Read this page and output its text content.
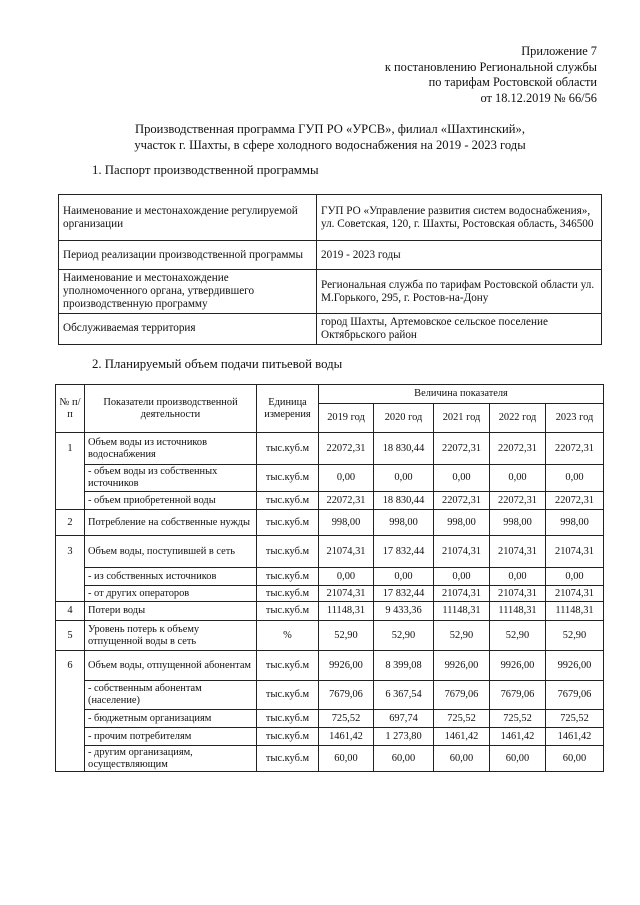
Приложение 7
к постановлению Региональной службы
по тарифам Ростовской области
от 18.12.2019 № 66/56
Производственная программа ГУП РО «УРСВ», филиал «Шахтинский»,
участок г. Шахты, в сфере холодного водоснабжения на 2019 - 2023 годы
1. Паспорт производственной программы
Наименование и местонахождение регулируемой организации	ГУП РО «Управление развития систем водоснабжения», ул. Советская, 120, г. Шахты, Ростовская область, 346500
Период реализации производственной программы	2019 - 2023 годы
Наименование и местонахождение уполномоченного органа, утвердившего производственную программу	Региональная служба по тарифам Ростовской области ул. М.Горького, 295, г. Ростов-на-Дону
Обслуживаемая территория	город Шахты, Артемовское сельское поселение Октябрьского район
2. Планируемый объем подачи питьевой воды
№ п/п	Показатели производственной деятельности	Единица измерения	Величина показателя				
			2019 год	2020 год	2021 год	2022 год	2023 год
1	Объем воды из источников водоснабжения	тыс.куб.м	22072,31	18 830,44	22072,31	22072,31	22072,31
	- объем воды из собственных источников	тыс.куб.м	0,00	0,00	0,00	0,00	0,00
	- объем приобретенной воды	тыс.куб.м	22072,31	18 830,44	22072,31	22072,31	22072,31
2	Потребление на собственные нужды	тыс.куб.м	998,00	998,00	998,00	998,00	998,00
3	Объем воды, поступившей в сеть	тыс.куб.м	21074,31	17 832,44	21074,31	21074,31	21074,31
	- из собственных источников	тыс.куб.м	0,00	0,00	0,00	0,00	0,00
	- от других операторов	тыс.куб.м	21074,31	17 832,44	21074,31	21074,31	21074,31
4	Потери воды	тыс.куб.м	11148,31	9 433,36	11148,31	11148,31	11148,31
5	Уровень потерь к объему отпущенной воды в сеть	%	52,90	52,90	52,90	52,90	52,90
6	Объем воды, отпущенной абонентам	тыс.куб.м	9926,00	8 399,08	9926,00	9926,00	9926,00
	- собственным абонентам (население)	тыс.куб.м	7679,06	6 367,54	7679,06	7679,06	7679,06
	- бюджетным организациям	тыс.куб.м	725,52	697,74	725,52	725,52	725,52
	- прочим потребителям	тыс.куб.м	1461,42	1 273,80	1461,42	1461,42	1461,42
	- другим организациям, осуществляющим	тыс.куб.м	60,00	60,00	60,00	60,00	60,00
